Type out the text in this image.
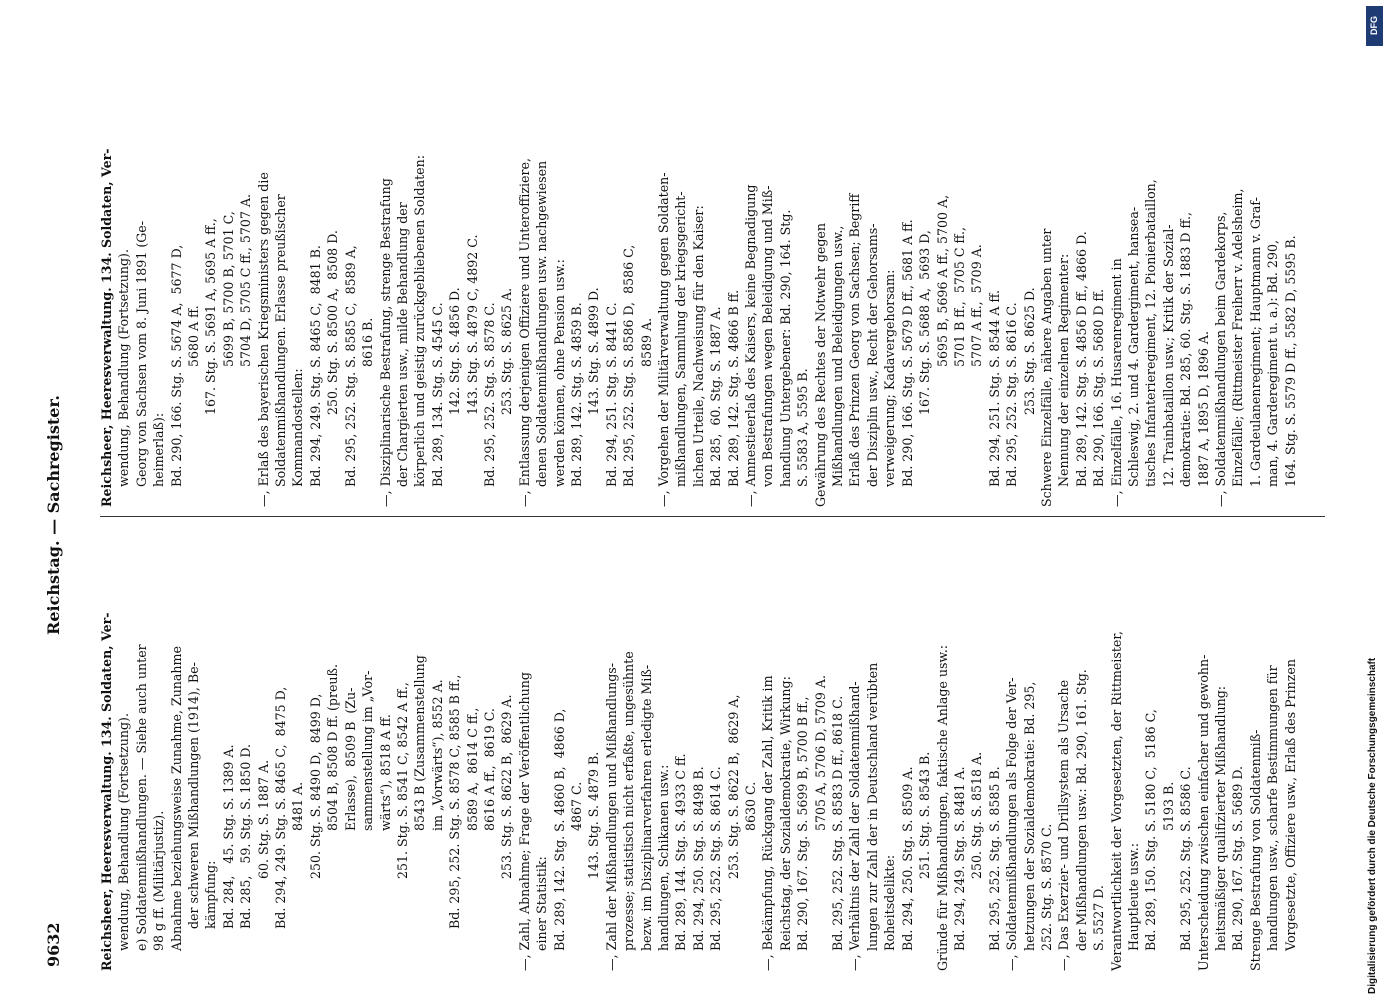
9632
Reichstag. — Sachregister.
Reichsheer, Heeresverwaltung. 134. Soldaten, Ver- wendung, Behandlung (Fortsetzung). e) Soldatenmißhandlungen. — Siehe auch unter 98 g ff. (Militärjustiz). Abnahme beziehungsweise Zunahme, Zunahme der schweren Mißhandlungen (1914), Be- kämpfung: Bd. 284,   45. Stg. S. 1389 A. Bd. 285,   59. Stg. S. 1850 D. 60. Stg. S. 1887 A. Bd. 294, 249. Stg. S. 8465 C,  8475 D, 8481 A. 250. Stg. S. 8490 D,  8499 D, 8504 B, 8508 D ff. (preuß. Erlasse),  8509 B  (Zu- sammenstellung im „Vor- wärts“), 8518 A ff. 251. Stg. S. 8541 C, 8542 A ff., 8543 B (Zusammenstellung im „Vorwärts“), 8552 A. Bd. 295, 252. Stg. S. 8578 C, 8585 B ff., 8589 A,  8614 C ff., 8616 A ff.,  8619 C. 253. Stg. S. 8622 B,  8629 A. —, Zahl, Abnahme; Frage der Veröffentlichung einer Statistik: Bd. 289, 142. Stg. S. 4860 B,  4866 D, 4867 C. 143. Stg. S. 4879 B. —, Zahl der Mißhandlungen und Mißhandlungs- prozesse; statistisch nicht erfaßte, ungesühnte bezw. im Disziplinarverfahren erledigte Miß- handlungen, Schikanen usw.: Bd. 289, 144. Stg. S. 4933 C ff. Bd. 294, 250. Stg. S. 8498 B. Bd. 295, 252. Stg. S. 8614 C. 253. Stg. S. 8622 B,  8629 A, 8630 C. —, Bekämpfung, Rückgang der Zahl, Kritik im Reichstag, der Sozialdemokratie, Wirkung: Bd. 290, 167. Stg. S. 5699 B, 5700 B ff., 5705 A, 5706 D, 5709 A. Bd. 295, 252. Stg. S. 8583 D ff., 8618 C. —, Verhältnis der Zahl der Soldatenmißhand- lungen zur Zahl der in Deutschland verübten Roheitsdelikte: Bd. 294, 250. Stg. S. 8509 A. 251. Stg. S. 8543 B. Gründe für Mißhandlungen, faktische Anlage usw.: Bd. 294, 249. Stg. S. 8481 A. 250. Stg. S. 8518 A. Bd. 295, 252. Stg. S. 8585 B. —, Soldatenmißhandlungen als Folge der Ver- hetzungen der Sozialdemokratie: Bd. 295, 252. Stg. S. 8570 C. —, Das Exerzier- und Drillsystem als Ursache der Mißhandlungen usw.: Bd. 290, 161. Stg. S. 5527 D. Verantwortlichkeit der Vorgesetzten, der Rittmeister, Hauptleute usw.: Bd. 289, 150. Stg. S. 5180 C,  5186 C, 5193 B. Bd. 295, 252. Stg. S. 8586 C. Unterscheidung zwischen einfacher und gewohn- heitsmäßiger qualifizierter Mißhandlung: Bd. 290, 167. Stg. S. 5689 D. Strenge Bestrafung von Soldatenmiß- handlungen usw., scharfe Bestimmungen für Vorgesetzte, Offiziere usw., Erlaß des Prinzen
Reichsheer, Heeresverwaltung. 134. Soldaten, Ver- wendung, Behandlung (Fortsetzung). Georg von Sachsen vom 8. Juni 1891 (Ge- heimerlaß): Bd. 290, 166. Stg. S. 5674 A,  5677 D, 5680 A ff. 167. Stg. S. 5691 A, 5695 A ff., 5699 B, 5700 B, 5701 C, 5704 D, 5705 C ff., 5707 A. —, Erlaß des bayerischen Kriegsministers gegen die Soldatenmißhandlungen. Erlasse preußischer Kommandostellen: Bd. 294, 249. Stg. S. 8465 C,  8481 B. 250. Stg. S. 8500 A,  8508 D. Bd. 295, 252. Stg. S. 8585 C,  8589 A, 8616 B. —, Disziplinarische Bestrafung, strenge Bestrafung der Chargierten usw., milde Behandlung der körperlich und geistig zurückgebliebenen Soldaten: Bd. 289, 134. Stg. S. 4545 C. 142. Stg. S. 4856 D. 143. Stg. S. 4879 C, 4892 C. Bd. 295, 252. Stg. S. 8578 C. 253. Stg. S. 8625 A. —, Entlassung derjenigen Offiziere und Unteroffiziere, denen Soldatenmißhandlungen usw. nachgewiesen werden können, ohne Pension usw.: Bd. 289, 142. Stg. S. 4859 B. 143. Stg. S. 4899 D. Bd. 294, 251. Stg. S. 8441 C. Bd. 295, 252. Stg. S. 8586 D,  8586 C, 8589 A. —, Vorgehen der Militärverwaltung gegen Soldaten- mißhandlungen, Sammlung der kriegsgericht- lichen Urteile, Nachweisung für den Kaiser: Bd. 285,  60. Stg. S. 1887 A. Bd. 289, 142. Stg. S. 4866 B ff. —, Amnestieerlaß des Kaisers, keine Begnadigung von Bestrafungen wegen Beleidigung und Miß- handlung Untergebener: Bd. 290, 164. Stg. S. 5583 A, 5595 B. Gewährung des Rechtes der Notwehr gegen Mißhandlungen und Beleidigungen usw., Erlaß des Prinzen Georg von Sachsen; Begriff der Disziplin usw., Recht der Gehorsams- verweigerung; Kadavergehorsam: Bd. 290, 166. Stg. S. 5679 D ff., 5681 A ff. 167. Stg. S. 5688 A,  5693 D, 5695 B, 5696 A ff., 5700 A, 5701 B ff.,  5705 C ff., 5707 A ff.,  5709 A. Bd. 294, 251. Stg. S. 8544 A ff. Bd. 295, 252. Stg. S. 8616 C. 253. Stg. S. 8625 D. Schwere Einzelfälle, nähere Angaben unter Nennung der einzelnen Regimenter: Bd. 289, 142. Stg. S. 4856 D ff., 4866 D. Bd. 290, 166. Stg. S. 5680 D ff. —, Einzelfälle, 16. Husarenregiment in Schleswig, 2. und 4. Gardergiment, hansea- tisches Infanterieregiment, 12. Pionierbataillon, 12. Trainbataillon usw.; Kritik der Sozial- demokratie: Bd. 285, 60. Stg. S. 1883 D ff., 1887 A, 1895 D, 1896 A. —, Soldatenmißhandlungen beim Gardekorps, Einzelfälle; (Rittmeister Freiherr v. Adelsheim, 1. Gardeulanenregiment; Hauptmann v. Graf- man, 4. Garderegiment u. a.): Bd. 290, 164. Stg. S. 5579 D ff., 5582 D, 5595 B.
Digitalisierung gefördert durch die Deutsche Forschungsgemeinschaft
DFG
